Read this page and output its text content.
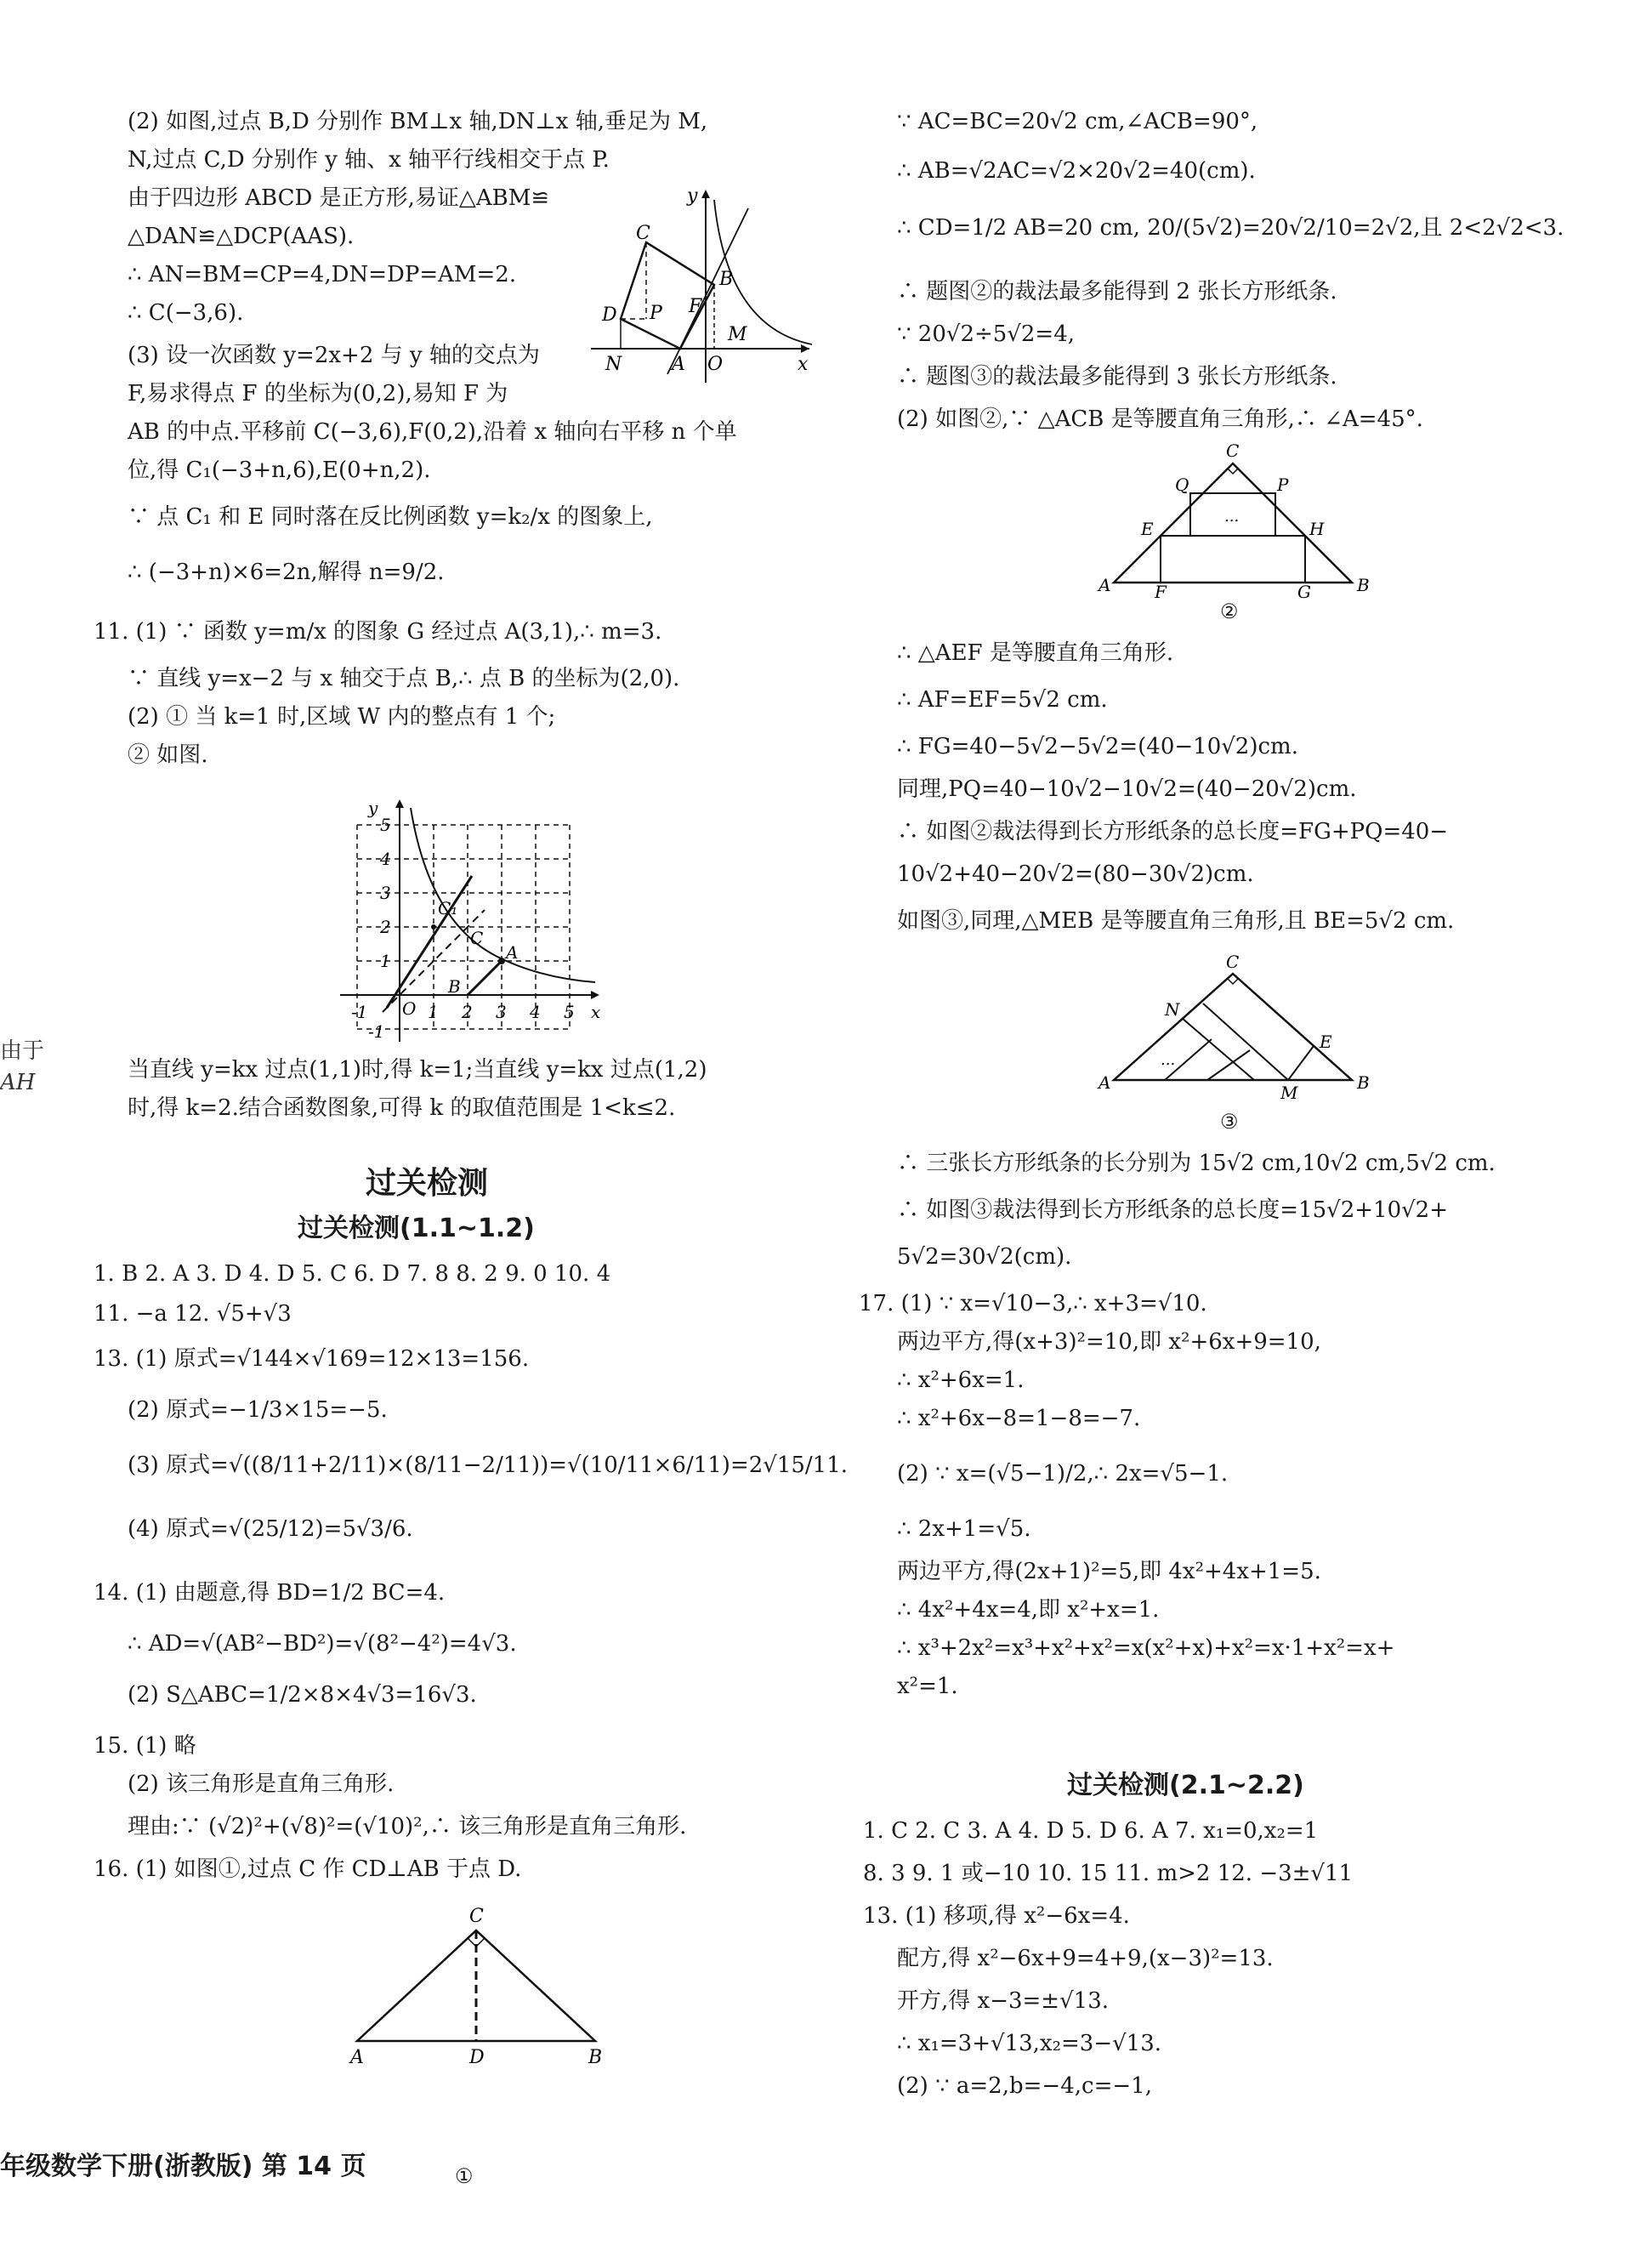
(2) 如图,过点 B,D 分别作 BM⊥x 轴,DN⊥x 轴,垂足为 M,
N,过点 C,D 分别作 y 轴、x 轴平行线相交于点 P.
由于四边形 ABCD 是正方形,易证△ABM≌
△DAN≌△DCP(AAS).
∴ AN=BM=CP=4,DN=DP=AM=2.
∴ C(−3,6).
(3) 设一次函数 y=2x+2 与 y 轴的交点为
F,易求得点 F 的坐标为(0,2),易知 F 为
AB 的中点.平移前 C(−3,6),F(0,2),沿着 x 轴向右平移 n 个单
位,得 C₁(−3+n,6),E(0+n,2).
∵ 点 C₁ 和 E 同时落在反比例函数 y=k₂/x 的图象上,
∴ (−3+n)×6=2n,解得 n=9/2.
11. (1) ∵ 函数 y=m/x 的图象 G 经过点 A(3,1),∴ m=3.
∵ 直线 y=x−2 与 x 轴交于点 B,∴ 点 B 的坐标为(2,0).
(2) ① 当 k=1 时,区域 W 内的整点有 1 个;
② 如图.
当直线 y=kx 过点(1,1)时,得 k=1;当直线 y=kx 过点(1,2)
时,得 k=2.结合函数图象,可得 k 的取值范围是 1<k≤2.
过关检测
过关检测(1.1~1.2)
1. B 2. A 3. D 4. D 5. C 6. D 7. 8 8. 2 9. 0 10. 4
11. −a 12. √5+√3
13. (1) 原式=√144×√169=12×13=156.
(2) 原式=−1/3×15=−5.
(3) 原式=√((8/11+2/11)×(8/11−2/11))=√(10/11×6/11)=2√15/11.
(4) 原式=√(25/12)=5√3/6.
14. (1) 由题意,得 BD=1/2 BC=4.
∴ AD=√(AB²−BD²)=√(8²−4²)=4√3.
(2) S△ABC=1/2×8×4√3=16√3.
15. (1) 略
(2) 该三角形是直角三角形.
理由:∵ (√2)²+(√8)²=(√10)²,∴ 该三角形是直角三角形.
16. (1) 如图①,过点 C 作 CD⊥AB 于点 D.
①
由于
AH
C
B
D P F
M
N	A O	x
y
y
x
O
A
B
C
C₁
5
4
3
2
1
-1	1 2 3 4 5
-1
C
A	D	B
∵ AC=BC=20√2 cm,∠ACB=90°,
∴ AB=√2AC=√2×20√2=40(cm).
∴ CD=1/2 AB=20 cm, 20/(5√2)=20√2/10=2√2,且 2<2√2<3.
∴ 题图②的裁法最多能得到 2 张长方形纸条.
∵ 20√2÷5√2=4,
∴ 题图③的裁法最多能得到 3 张长方形纸条.
(2) 如图②,∵ △ACB 是等腰直角三角形,∴ ∠A=45°.
②
∴ △AEF 是等腰直角三角形.
∴ AF=EF=5√2 cm.
∴ FG=40−5√2−5√2=(40−10√2)cm.
同理,PQ=40−10√2−10√2=(40−20√2)cm.
∴ 如图②裁法得到长方形纸条的总长度=FG+PQ=40−
10√2+40−20√2=(80−30√2)cm.
如图③,同理,△MEB 是等腰直角三角形,且 BE=5√2 cm.
③
∴ 三张长方形纸条的长分别为 15√2 cm,10√2 cm,5√2 cm.
∴ 如图③裁法得到长方形纸条的总长度=15√2+10√2+
5√2=30√2(cm).
17. (1) ∵ x=√10−3,∴ x+3=√10.
两边平方,得(x+3)²=10,即 x²+6x+9=10,
∴ x²+6x=1.
∴ x²+6x−8=1−8=−7.
(2) ∵ x=(√5−1)/2,∴ 2x=√5−1.
∴ 2x+1=√5.
两边平方,得(2x+1)²=5,即 4x²+4x+1=5.
∴ 4x²+4x=4,即 x²+x=1.
∴ x³+2x²=x³+x²+x²=x(x²+x)+x²=x·1+x²=x+
x²=1.
过关检测(2.1~2.2)
1. C 2. C 3. A 4. D 5. D 6. A 7. x₁=0,x₂=1
8. 3 9. 1 或−10 10. 15 11. m>2 12. −3±√11
13. (1) 移项,得 x²−6x=4.
配方,得 x²−6x+9=4+9,(x−3)²=13.
开方,得 x−3=±√13.
∴ x₁=3+√13,x₂=3−√13.
(2) ∵ a=2,b=−4,c=−1,
...
C
Q	P
E	H
A	F	G	B
...
C
N
E
A	M	B
年级数学下册(浙教版) 第 14 页
